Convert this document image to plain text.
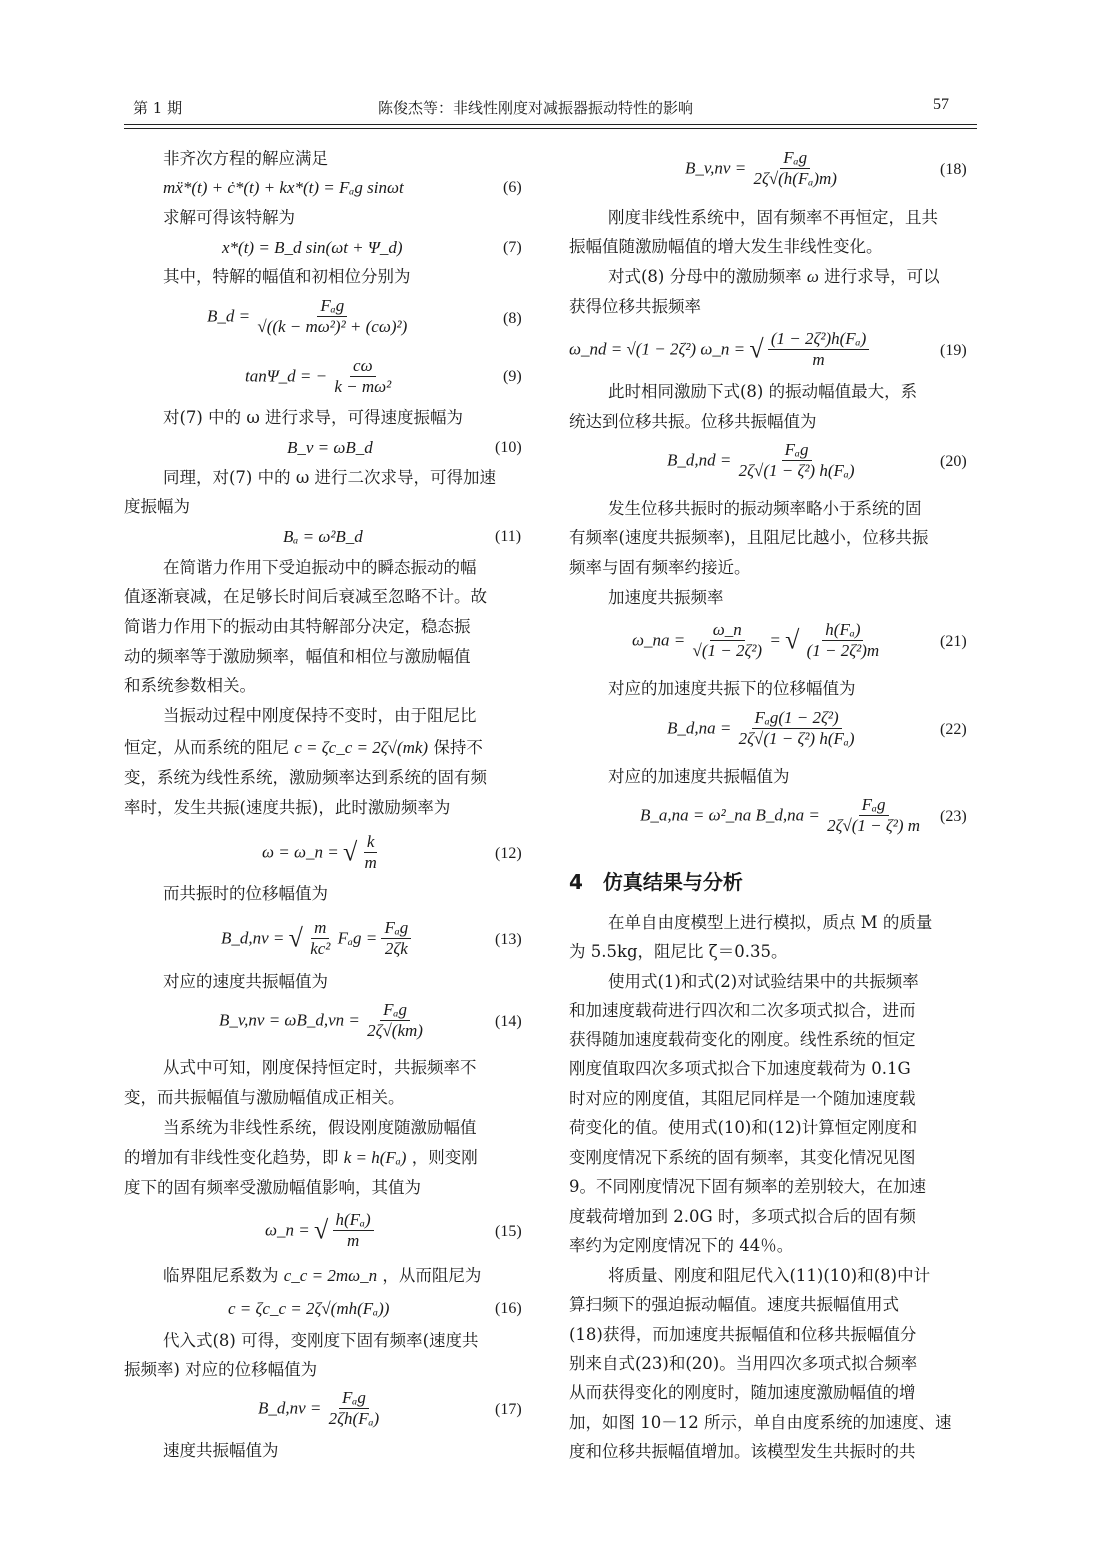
第 1 期	陈俊杰等：非线性刚度对减振器振动特性的影响	57
非齐次方程的解应满足
mẍ*(t) + ċ*(t) + kx*(t) = Fₐg sinωt	(6)
求解可得该特解为
x*(t) = B_d sin(ωt + Ψ_d)	(7)
其中，特解的幅值和初相位分别为
B_d = $\frac{\text{Fₐg}}{\text{√((k − mω²)² + (cω)²)}}$	(8)
tanΨ_d = − $\frac{c\omega}{\text{k − mω²}}$	(9)
对(7) 中的 ω 进行求导，可得速度振幅为
B_v = ωB_d	(10)
同理，对(7) 中的 ω 进行二次求导，可得加速
度振幅为
Bₐ = ω²B_d	(11)
在简谐力作用下受迫振动中的瞬态振动的幅
值逐渐衰减，在足够长时间后衰减至忽略不计。故
简谐力作用下的振动由其特解部分决定，稳态振
动的频率等于激励频率，幅值和相位与激励幅值
和系统参数相关。
当振动过程中刚度保持不变时，由于阻尼比
恒定，从而系统的阻尼 c = ζc_c = 2ζ√(mk) 保持不
变，系统为线性系统，激励频率达到系统的固有频
率时，发生共振(速度共振)，此时激励频率为
ω = ω_n = √ $\frac{k}{m}$	(12)
而共振时的位移幅值为
B_d,nv = √ $\frac{m}{\text{kc²}}$ $F_ag = \frac{\text{Fₐg}}{2\zeta k}$	(13)
对应的速度共振幅值为
B_v,nv = ωB_d,vn = $\frac{\text{Fₐg}}{2\zeta√(km)}$	(14)
从式中可知，刚度保持恒定时，共振频率不
变，而共振幅值与激励幅值成正相关。
当系统为非线性系统，假设刚度随激励幅值
的增加有非线性变化趋势，即 k = h(Fₐ) ，则变刚
度下的固有频率受激励幅值影响，其值为
ω_n = √ $\frac{\text{h(Fₐ)}}{m}$	(15)
临界阻尼系数为 c_c = 2mω_n ，从而阻尼为
c = ζc_c = 2ζ√(mh(Fₐ))	(16)
代入式(8) 可得，变刚度下固有频率(速度共
振频率) 对应的位移幅值为
B_d,nv = $\frac{\text{Fₐg}}{\text{2ζh(Fₐ)}}$	(17)
速度共振幅值为
B_v,nv = $\frac{\text{Fₐg}}{\text{2ζ√(h(Fₐ)m)}}$	(18)
刚度非线性系统中，固有频率不再恒定，且共
振幅值随激励幅值的增大发生非线性变化。
对式(8) 分母中的激励频率 ω 进行求导，可以
获得位移共振频率
ω_nd = √(1 − 2ζ²) ω_n = √ $\frac{\text{(1 − 2ζ²)h(Fₐ)}}{m}$	(19)
此时相同激励下式(8) 的振动幅值最大，系
统达到位移共振。位移共振幅值为
B_d,nd = $\frac{\text{Fₐg}}{\text{2ζ√(1 − ζ²) h(Fₐ)}}$	(20)
发生位移共振时的振动频率略小于系统的固
有频率(速度共振频率)，且阻尼比越小，位移共振
频率与固有频率约接近。
加速度共振频率
ω_na = $\frac{\omega\_n}{\text{√(1 − 2ζ²)}}$ = √ $\frac{\text{h(Fₐ)}}{\text{(1 − 2ζ²)m}}$	(21)
对应的加速度共振下的位移幅值为
B_d,na = $\frac{\text{Fₐg(1 − 2ζ²)}}{\text{2ζ√(1 − ζ²) h(Fₐ)}}$	(22)
对应的加速度共振幅值为
B_a,na = ω²_na B_d,na = $\frac{\text{Fₐg}}{\text{2ζ√(1 − ζ²) m}} (23)$
4　仿真结果与分析
在单自由度模型上进行模拟，质点 M 的质量
为 5.5kg，阻尼比 ζ＝0.35。
使用式(1)和式(2)对试验结果中的共振频率
和加速度载荷进行四次和二次多项式拟合，进而
获得随加速度载荷变化的刚度。线性系统的恒定
刚度值取四次多项式拟合下加速度载荷为 0.1G
时对应的刚度值，其阻尼同样是一个随加速度载
荷变化的值。使用式(10)和(12)计算恒定刚度和
变刚度情况下系统的固有频率，其变化情况见图
9。不同刚度情况下固有频率的差别较大，在加速
度载荷增加到 2.0G 时，多项式拟合后的固有频
率约为定刚度情况下的 44％。
将质量、刚度和阻尼代入(11)(10)和(8)中计
算扫频下的强迫振动幅值。速度共振幅值用式
(18)获得，而加速度共振幅值和位移共振幅值分
别来自式(23)和(20)。当用四次多项式拟合频率
从而获得变化的刚度时，随加速度激励幅值的增
加，如图 10－12 所示，单自由度系统的加速度、速
度和位移共振幅值增加。该模型发生共振时的共
